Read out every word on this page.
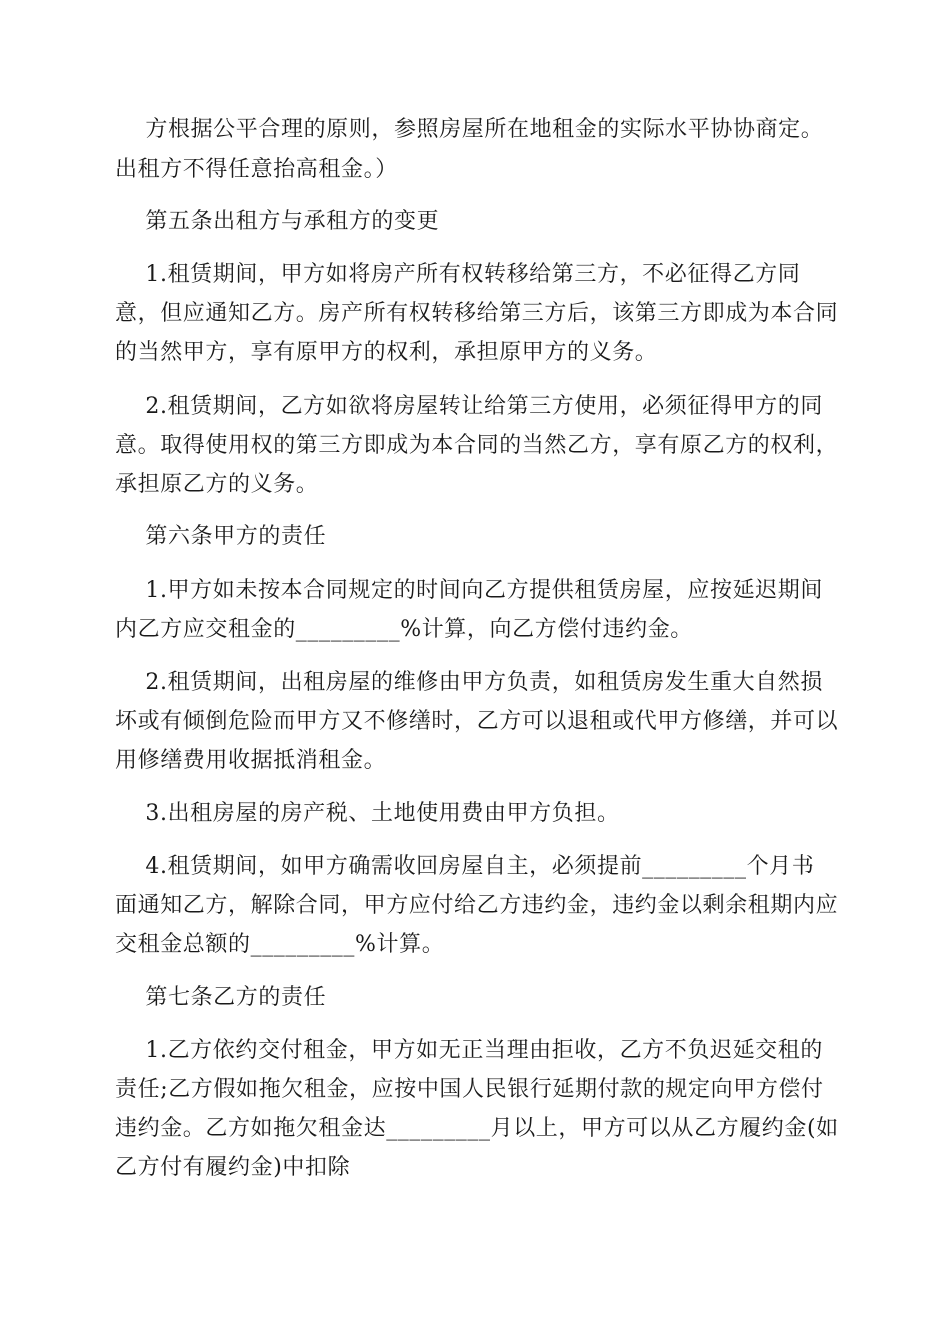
方根据公平合理的原则，参照房屋所在地租金的实际水平协协商定。
出租方不得任意抬高租金。）
第五条出租方与承租方的变更
1.租赁期间，甲方如将房产所有权转移给第三方，不必征得乙方同
意，但应通知乙方。房产所有权转移给第三方后，该第三方即成为本合同
的当然甲方，享有原甲方的权利，承担原甲方的义务。
2.租赁期间，乙方如欲将房屋转让给第三方使用，必须征得甲方的同
意。取得使用权的第三方即成为本合同的当然乙方，享有原乙方的权利，
承担原乙方的义务。
第六条甲方的责任
1.甲方如未按本合同规定的时间向乙方提供租赁房屋，应按延迟期间
内乙方应交租金的_________%计算，向乙方偿付违约金。
2.租赁期间，出租房屋的维修由甲方负责，如租赁房发生重大自然损
坏或有倾倒危险而甲方又不修缮时，乙方可以退租或代甲方修缮，并可以
用修缮费用收据抵消租金。
3.出租房屋的房产税、土地使用费由甲方负担。
4.租赁期间，如甲方确需收回房屋自主，必须提前_________个月书
面通知乙方，解除合同，甲方应付给乙方违约金，违约金以剩余租期内应
交租金总额的_________%计算。
第七条乙方的责任
1.乙方依约交付租金，甲方如无正当理由拒收，乙方不负迟延交租的
责任;乙方假如拖欠租金，应按中国人民银行延期付款的规定向甲方偿付
违约金。乙方如拖欠租金达_________月以上，甲方可以从乙方履约金(如
乙方付有履约金)中扣除
